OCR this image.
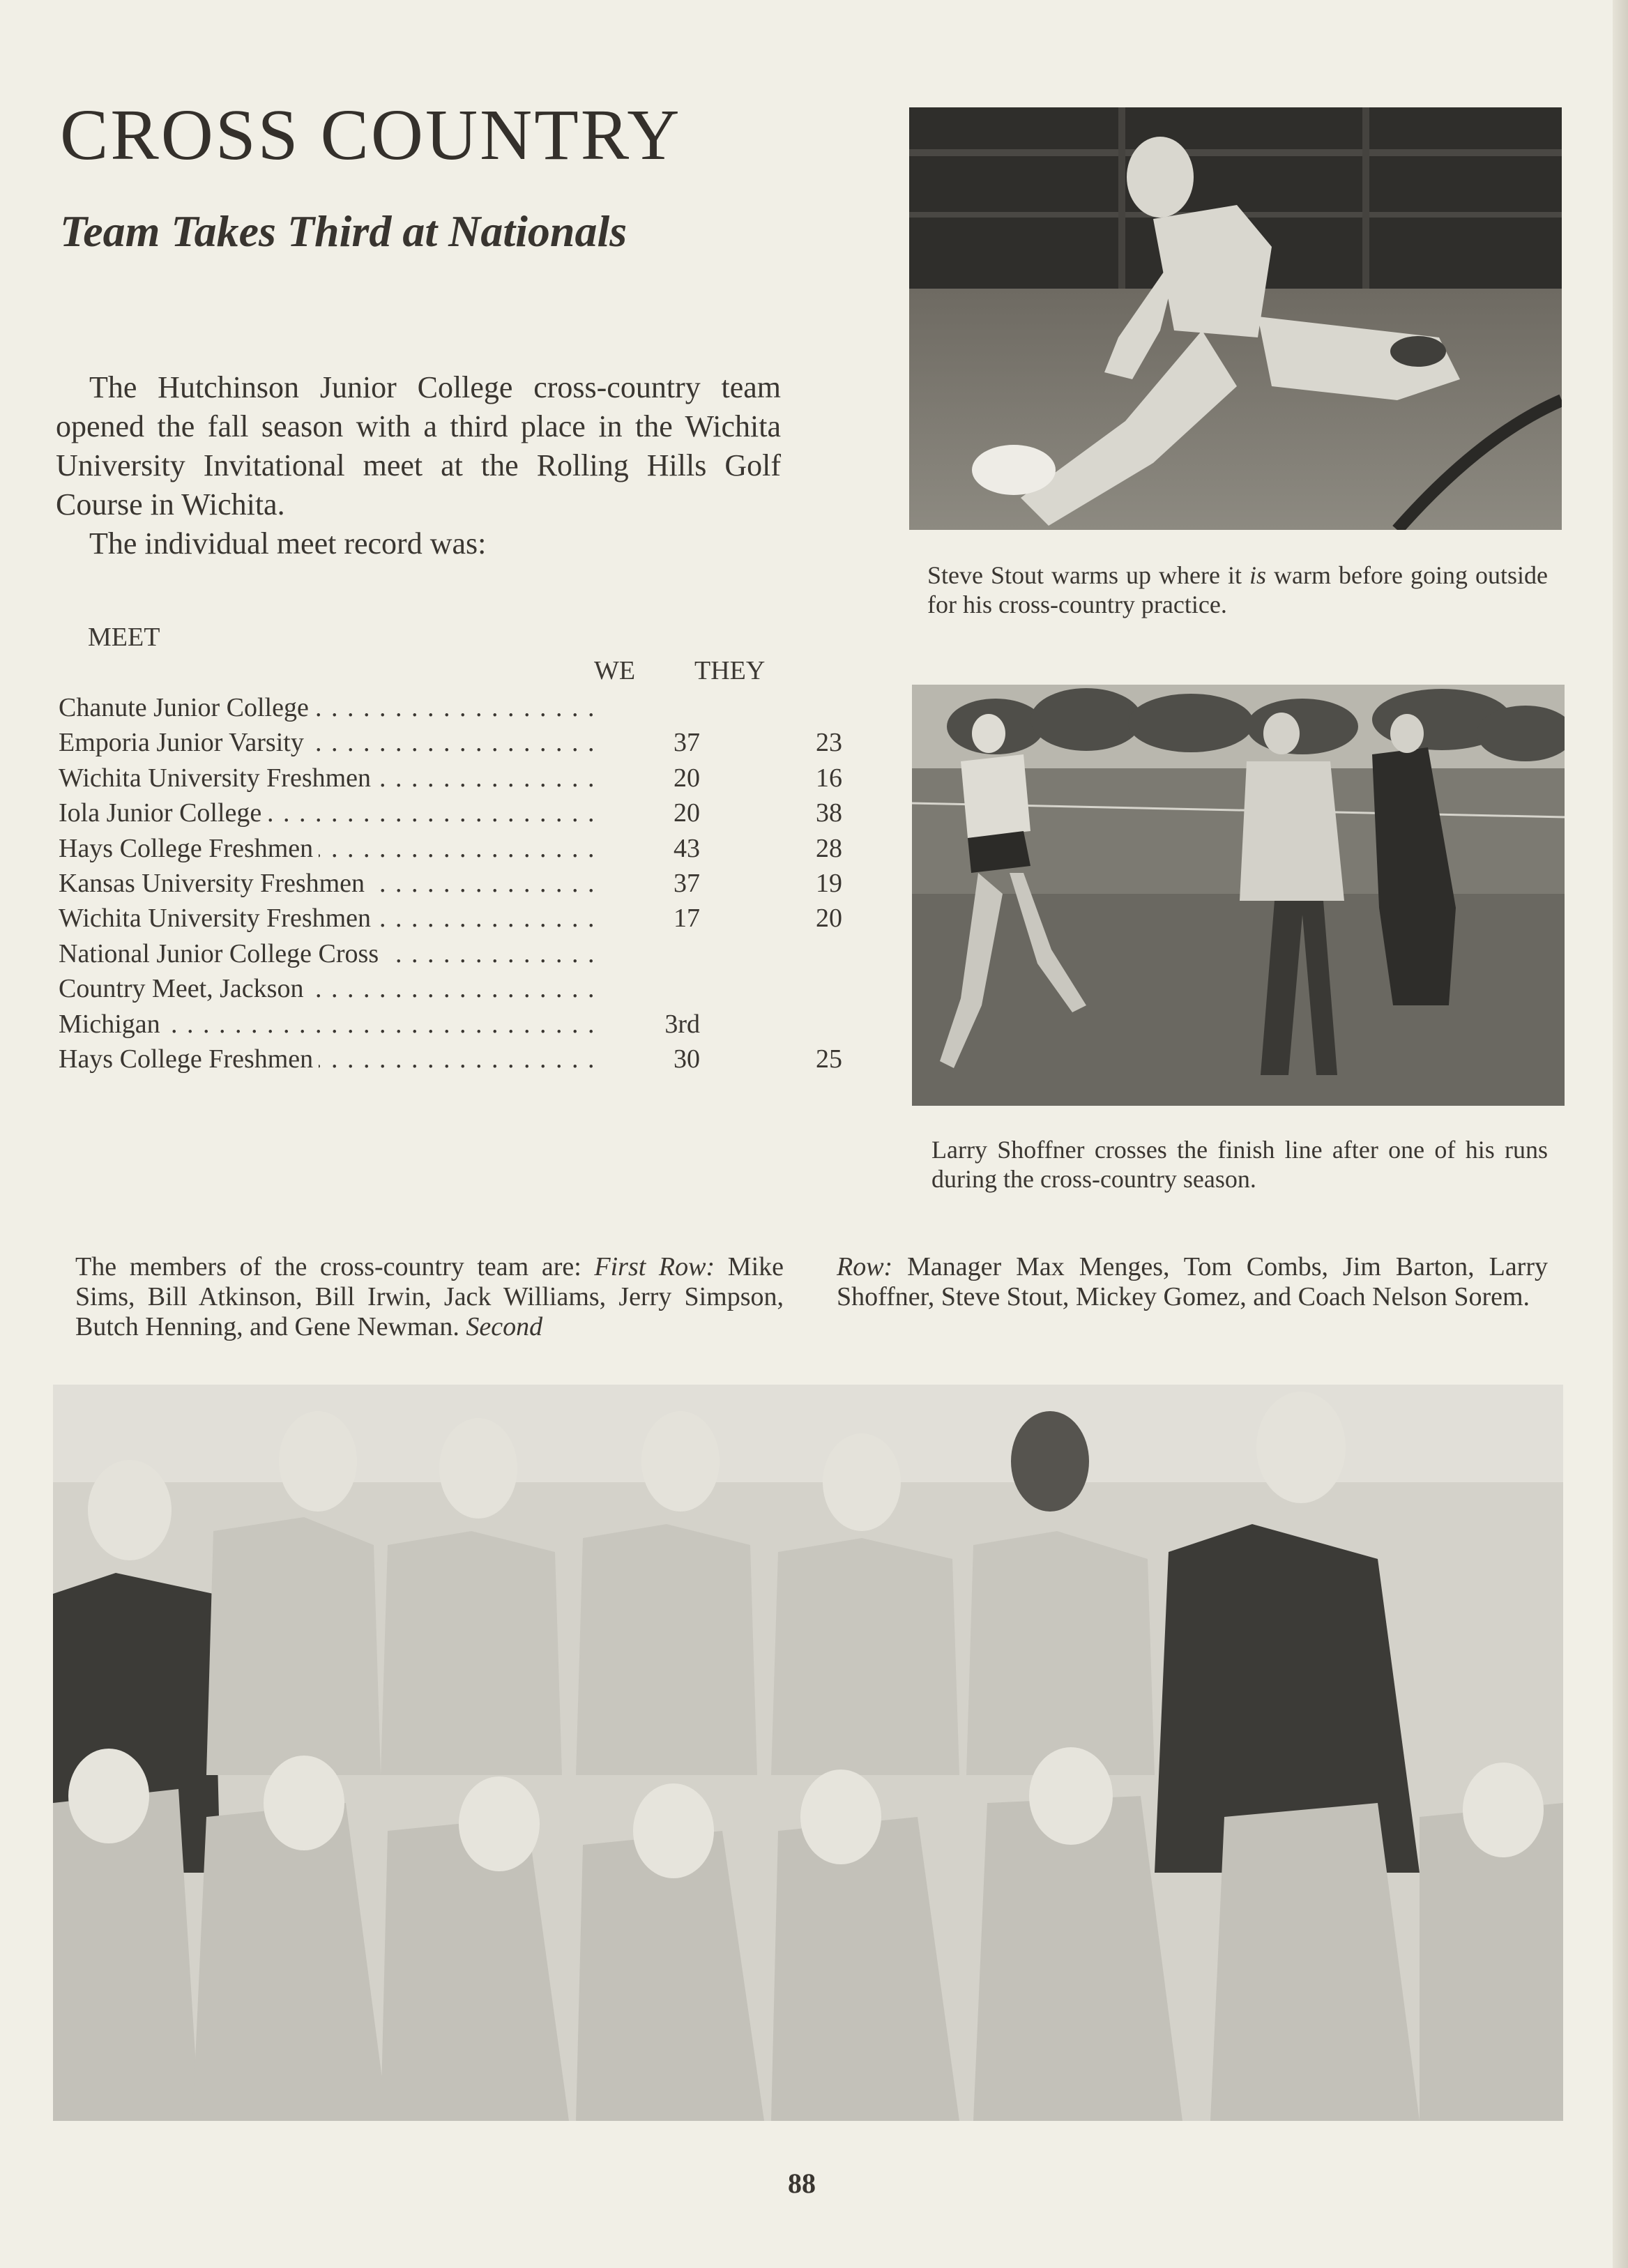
CROSS COUNTRY
Team Takes Third at Nationals

The Hutchinson Junior College cross-country team opened the fall season with a third place in the Wichita University Invitational meet at the Rolling Hills Golf Course in Wichita.
The individual meet record was:

MEET
WE THEY
Chanute Junior College . . .
Emporia Junior Varsity . . .	37	23
Wichita University Freshmen . . .	20	16
Iola Junior College . . .	20	38
Hays College Freshmen . . .	43	28
Kansas University Freshmen . . .	37	19
Wichita University Freshmen . . .	17	20
National Junior College Cross . . .
Country Meet, Jackson . . .
Michigan . . .	3rd
Hays College Freshmen . . .	30	25

Steve Stout warms up where it is warm before going outside for his cross-country practice.

Larry Shoffner crosses the finish line after one of his runs during the cross-country season.

The members of the cross-country team are: First Row: Mike Sims, Bill Atkinson, Bill Irwin, Jack Williams, Jerry Simpson, Butch Henning, and Gene Newman. Second

Row: Manager Max Menges, Tom Combs, Jim Barton, Larry Shoffner, Steve Stout, Mickey Gomez, and Coach Nelson Sorem.

88
